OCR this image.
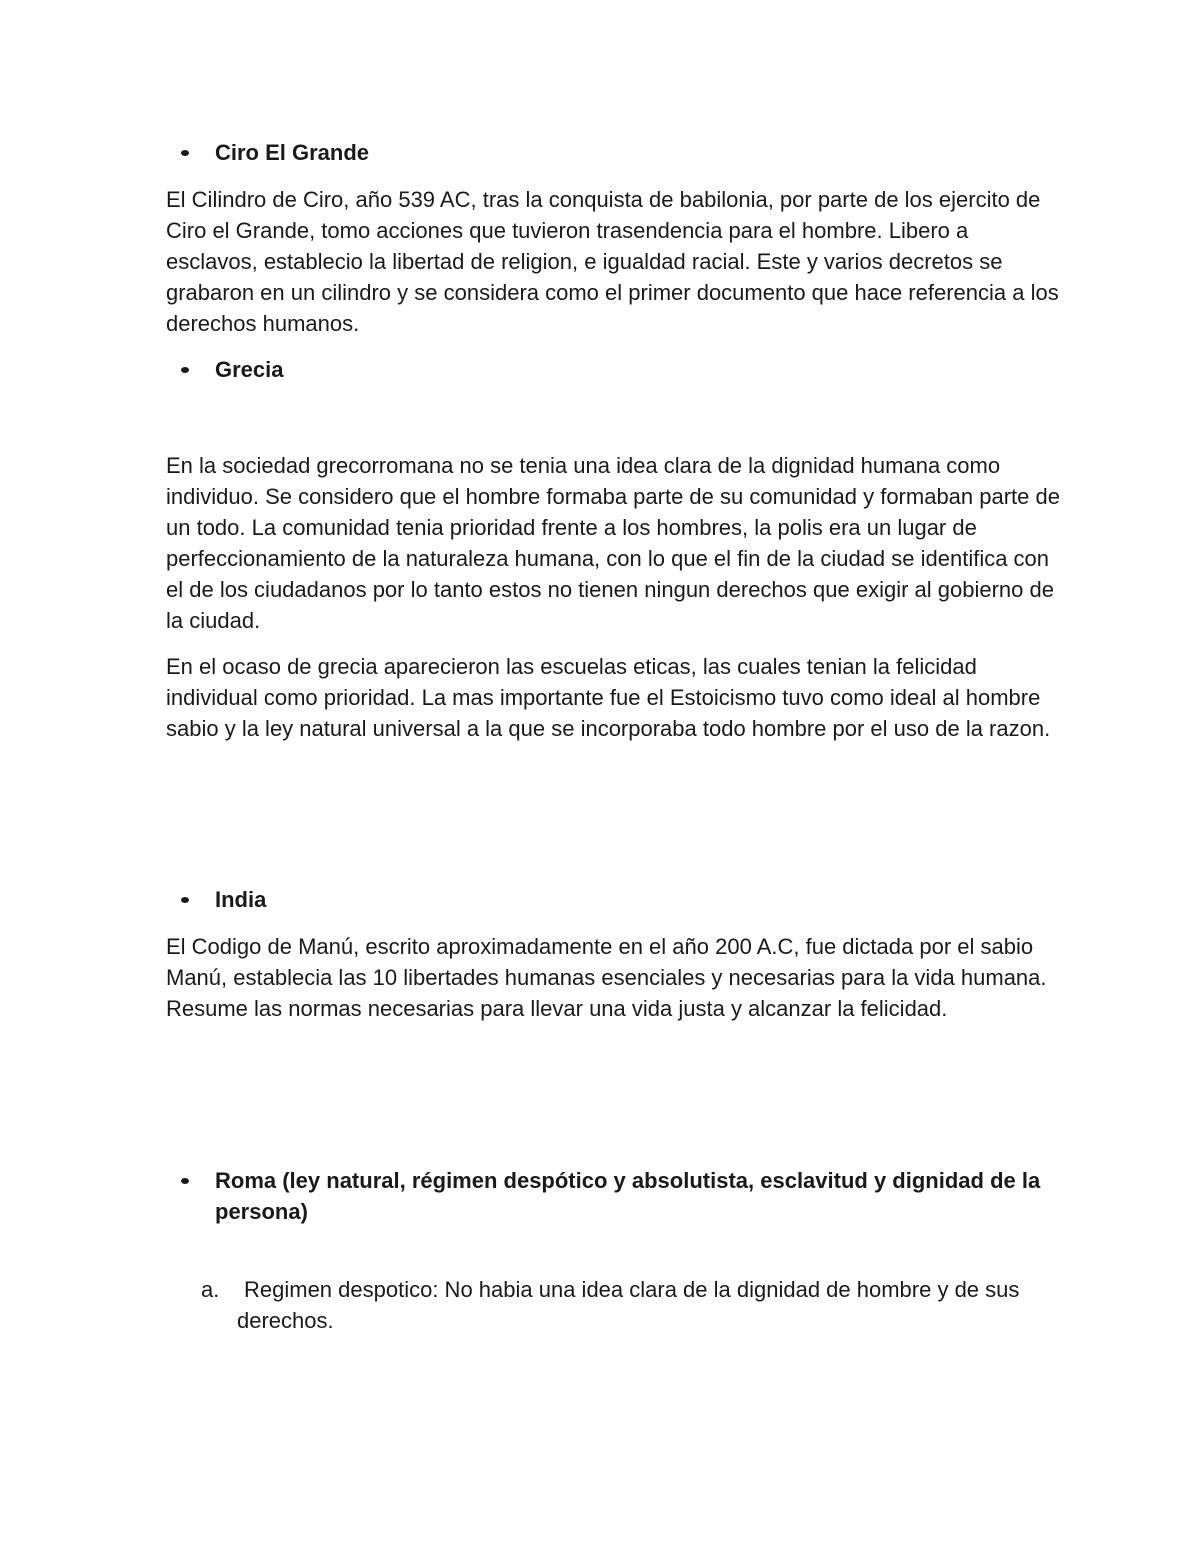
Ciro El Grande

El Cilindro de Ciro, año 539 AC, tras la conquista de babilonia, por parte de los ejercito de Ciro el Grande, tomo acciones que tuvieron trasendencia para el hombre. Libero a esclavos, establecio la libertad de religion, e igualdad racial. Este y varios decretos se grabaron en un cilindro y se considera como el primer documento que hace referencia a los derechos humanos.

Grecia

En la sociedad grecorromana no se tenia una idea clara de la dignidad humana como individuo. Se considero que el hombre formaba parte de su comunidad y formaban parte de un todo. La comunidad tenia prioridad frente a los hombres, la polis era un lugar de perfeccionamiento de la naturaleza humana, con lo que el fin de la ciudad se identifica con el de los ciudadanos por lo tanto estos no tienen ningun derechos que exigir al gobierno de la ciudad.

En el ocaso de grecia aparecieron las escuelas eticas, las cuales tenian la felicidad individual como prioridad. La mas importante fue el Estoicismo tuvo como ideal al hombre sabio y la ley natural universal a la que se incorporaba todo hombre por el uso de la razon.

India

El Codigo de Manú, escrito aproximadamente en el año 200 A.C, fue dictada por el sabio Manú, establecia las 10 libertades humanas esenciales y necesarias para la vida humana. Resume las normas necesarias para llevar una vida justa y alcanzar la felicidad.

Roma (ley natural, régimen despótico y absolutista, esclavitud y dignidad de la persona)
a.	Regimen despotico: No habia una idea clara de la dignidad de hombre y de sus derechos.
